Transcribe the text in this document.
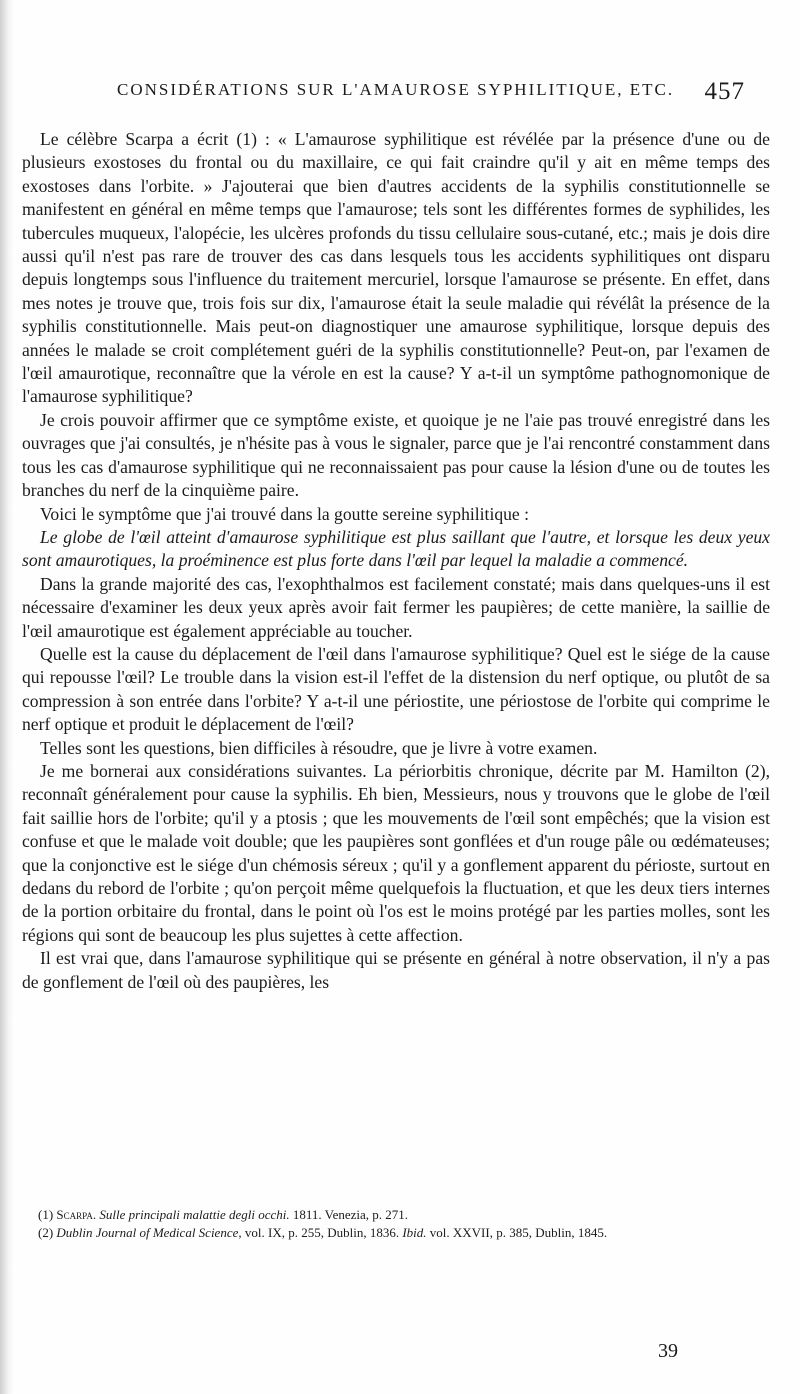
CONSIDÉRATIONS SUR L'AMAUROSE SYPHILITIQUE, ETC. 457

Le célèbre Scarpa a écrit (1) : « L'amaurose syphilitique est révélée par la présence d'une ou de plusieurs exostoses du frontal ou du maxillaire, ce qui fait craindre qu'il y ait en même temps des exostoses dans l'orbite. » J'ajouterai que bien d'autres accidents de la syphilis constitutionnelle se manifestent en général en même temps que l'amaurose; tels sont les différentes formes de syphilides, les tubercules muqueux, l'alopécie, les ulcères profonds du tissu cellulaire sous-cutané, etc.; mais je dois dire aussi qu'il n'est pas rare de trouver des cas dans lesquels tous les accidents syphilitiques ont disparu depuis longtemps sous l'influence du traitement mercuriel, lorsque l'amaurose se présente. En effet, dans mes notes je trouve que, trois fois sur dix, l'amaurose était la seule maladie qui révélât la présence de la syphilis constitutionnelle. Mais peut-on diagnostiquer une amaurose syphilitique, lorsque depuis des années le malade se croit complétement guéri de la syphilis constitutionnelle? Peut-on, par l'examen de l'œil amaurotique, reconnaître que la vérole en est la cause? Y a-t-il un symptôme pathognomonique de l'amaurose syphilitique?

Je crois pouvoir affirmer que ce symptôme existe, et quoique je ne l'aie pas trouvé enregistré dans les ouvrages que j'ai consultés, je n'hésite pas à vous le signaler, parce que je l'ai rencontré constamment dans tous les cas d'amaurose syphilitique qui ne reconnaissaient pas pour cause la lésion d'une ou de toutes les branches du nerf de la cinquième paire.

Voici le symptôme que j'ai trouvé dans la goutte sereine syphilitique :

Le globe de l'œil atteint d'amaurose syphilitique est plus saillant que l'autre, et lorsque les deux yeux sont amaurotiques, la proéminence est plus forte dans l'œil par lequel la maladie a commencé.

Dans la grande majorité des cas, l'exophthalmos est facilement constaté; mais dans quelques-uns il est nécessaire d'examiner les deux yeux après avoir fait fermer les paupières; de cette manière, la saillie de l'œil amaurotique est également appréciable au toucher.

Quelle est la cause du déplacement de l'œil dans l'amaurose syphilitique? Quel est le siége de la cause qui repousse l'œil? Le trouble dans la vision est-il l'effet de la distension du nerf optique, ou plutôt de sa compression à son entrée dans l'orbite? Y a-t-il une périostite, une périostose de l'orbite qui comprime le nerf optique et produit le déplacement de l'œil?

Telles sont les questions, bien difficiles à résoudre, que je livre à votre examen.

Je me bornerai aux considérations suivantes. La périorbitis chronique, décrite par M. Hamilton (2), reconnaît généralement pour cause la syphilis. Eh bien, Messieurs, nous y trouvons que le globe de l'œil fait saillie hors de l'orbite; qu'il y a ptosis ; que les mouvements de l'œil sont empêchés; que la vision est confuse et que le malade voit double; que les paupières sont gonflées et d'un rouge pâle ou œdémateuses; que la conjonctive est le siége d'un chémosis séreux ; qu'il y a gonflement apparent du périoste, surtout en dedans du rebord de l'orbite ; qu'on perçoit même quelquefois la fluctuation, et que les deux tiers internes de la portion orbitaire du frontal, dans le point où l'os est le moins protégé par les parties molles, sont les régions qui sont de beaucoup les plus sujettes à cette affection.

Il est vrai que, dans l'amaurose syphilitique qui se présente en général à notre observation, il n'y a pas de gonflement de l'œil où des paupières, les

(1) Scarpa. Sulle principali malattie degli occhi. 1811. Venezia, p. 271.

(2) Dublin Journal of Medical Science, vol. IX, p. 255, Dublin, 1836. Ibid. vol. XXVII, p. 385, Dublin, 1845.

39
